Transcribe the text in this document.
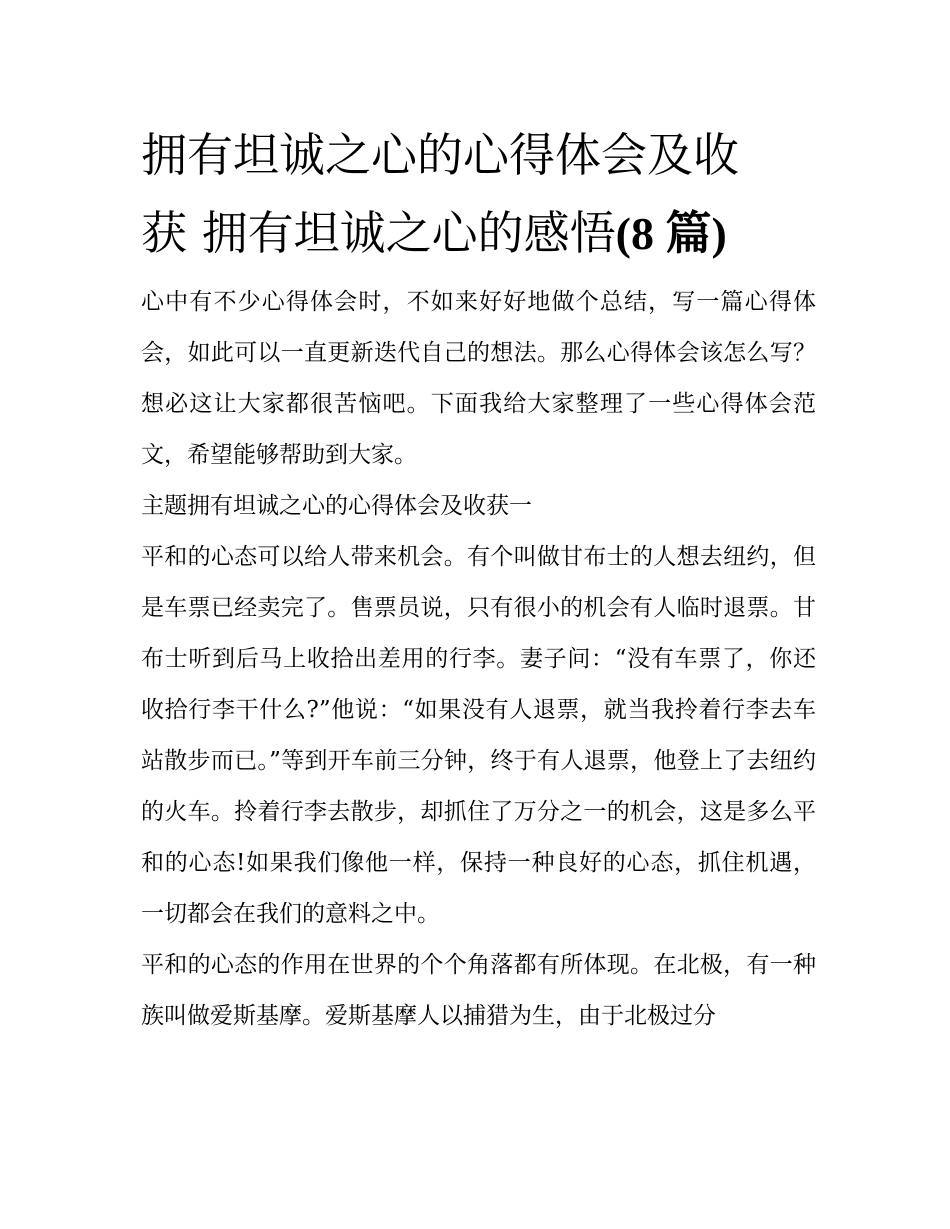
拥有坦诚之心的心得体会及收
获 拥有坦诚之心的感悟(8 篇)

心中有不少心得体会时，不如来好好地做个总结，写一篇心得体会，如此可以一直更新迭代自己的想法。那么心得体会该怎么写？想必这让大家都很苦恼吧。下面我给大家整理了一些心得体会范文，希望能够帮助到大家。

主题拥有坦诚之心的心得体会及收获一

平和的心态可以给人带来机会。有个叫做甘布士的人想去纽约，但是车票已经卖完了。售票员说，只有很小的机会有人临时退票。甘布士听到后马上收拾出差用的行李。妻子问：“没有车票了，你还收拾行李干什么?”他说：“如果没有人退票，就当我拎着行李去车站散步而已。”等到开车前三分钟，终于有人退票，他登上了去纽约的火车。拎着行李去散步，却抓住了万分之一的机会，这是多么平和的心态!如果我们像他一样，保持一种良好的心态，抓住机遇，一切都会在我们的意料之中。

平和的心态的作用在世界的个个角落都有所体现。在北极，有一种族叫做爱斯基摩。爱斯基摩人以捕猎为生，由于北极过分
